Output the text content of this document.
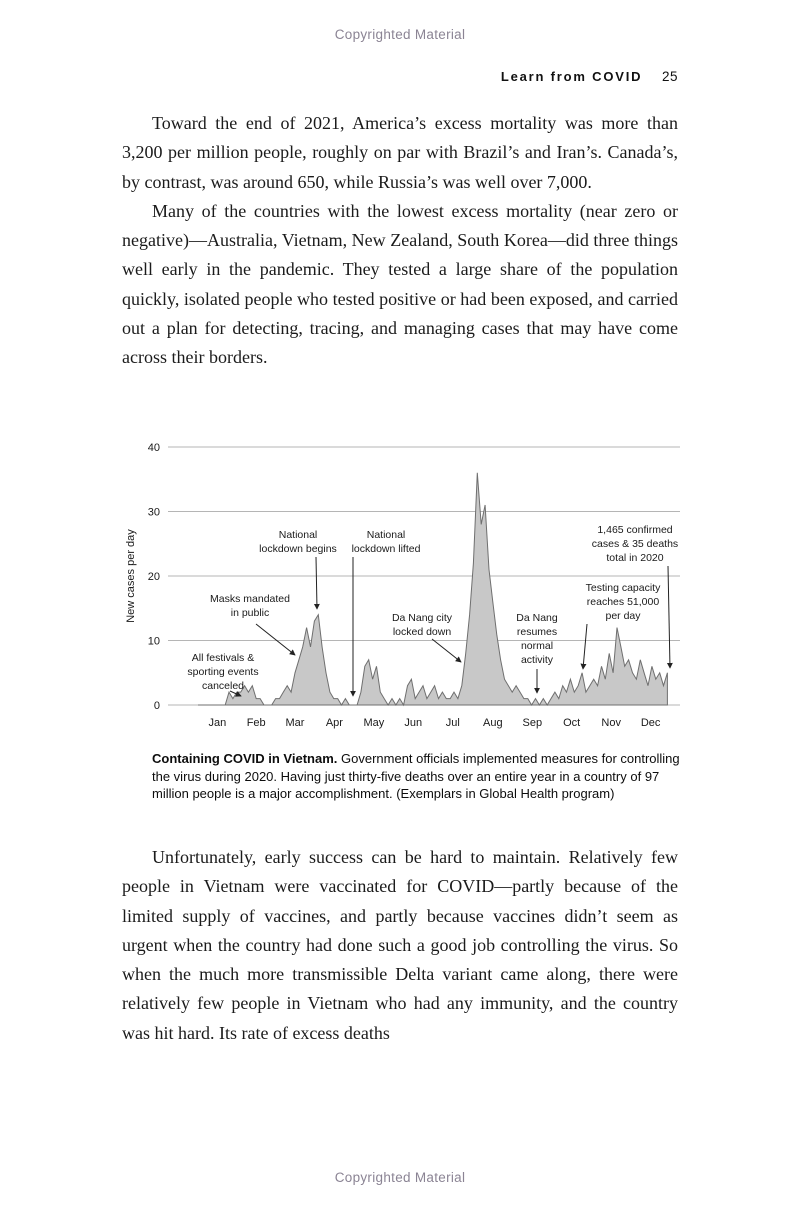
Copyrighted Material
Learn from COVID 25

Toward the end of 2021, America’s excess mortality was more than 3,200 per million people, roughly on par with Brazil’s and Iran’s. Canada’s, by contrast, was around 650, while Russia’s was well over 7,000.

Many of the countries with the lowest excess mortality (near zero or negative)—Australia, Vietnam, New Zealand, South Korea—did three things well early in the pandemic. They tested a large share of the population quickly, isolated people who tested positive or had been exposed, and carried out a plan for detecting, tracing, and managing cases that may have come across their borders.

0
10
20
30
40
Jan Feb Mar Apr May Jun Jul Aug Sep Oct Nov Dec
New cases per day
All festivals &
sporting events
canceled
Masks mandated
in public
National
lockdown begins
National
lockdown lifted
Da Nang city
locked down
Da Nang
resumes
normal
activity
1,465 confirmed
cases & 35 deaths
total in 2020
Testing capacity
reaches 51,000
per day

Containing COVID in Vietnam. Government officials implemented measures for controlling the virus during 2020. Having just thirty-five deaths over an entire year in a country of 97 million people is a major accomplishment. (Exemplars in Global Health program)

Unfortunately, early success can be hard to maintain. Relatively few people in Vietnam were vaccinated for COVID—partly because of the limited supply of vaccines, and partly because vaccines didn’t seem as urgent when the country had done such a good job controlling the virus. So when the much more transmissible Delta variant came along, there were relatively few people in Vietnam who had any immunity, and the country was hit hard. Its rate of excess deaths

Copyrighted Material
